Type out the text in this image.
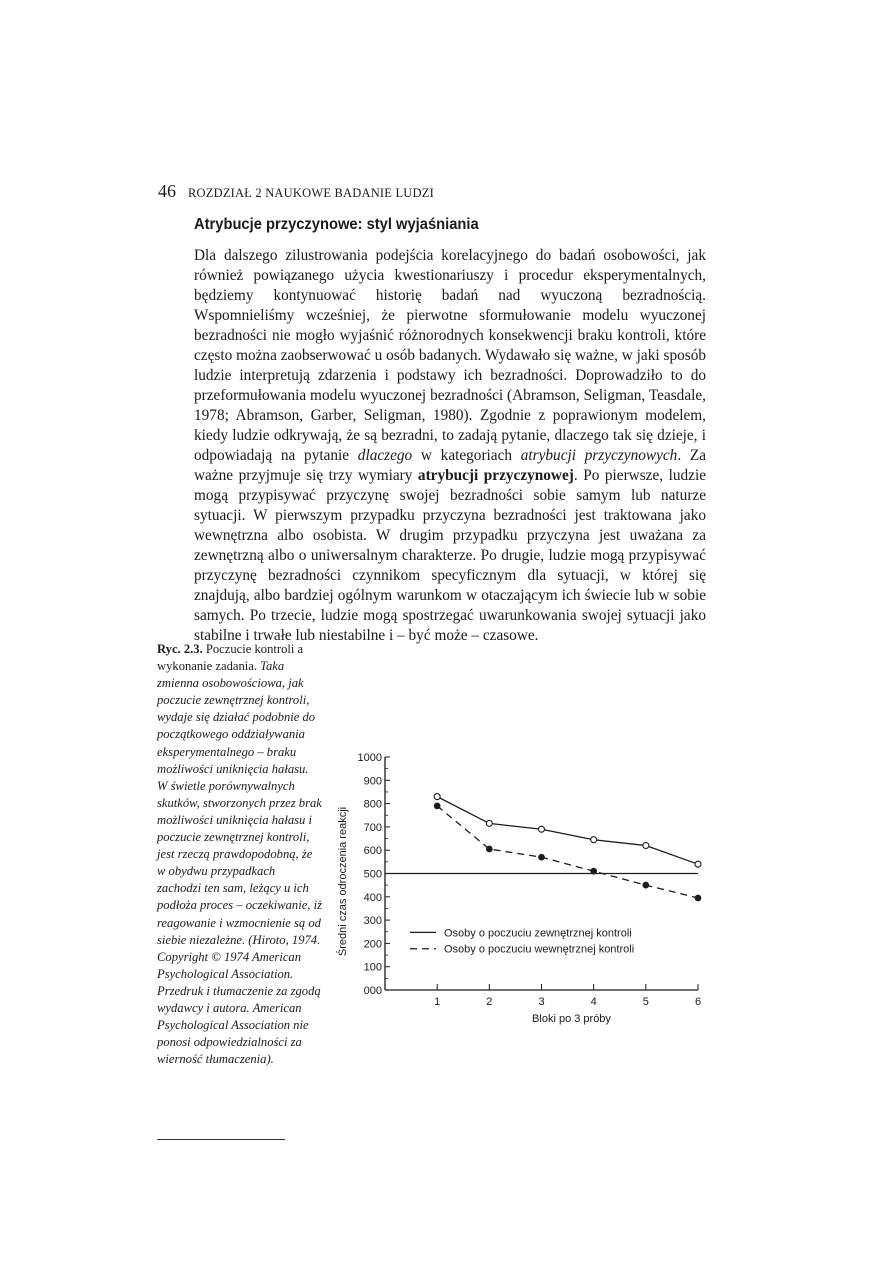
46 ROZDZIAŁ 2 NAUKOWE BADANIE LUDZI
Atrybucje przyczynowe: styl wyjaśniania

Dla dalszego zilustrowania podejścia korelacyjnego do badań osobowości, jak również powiązanego użycia kwestionariuszy i procedur eksperymentalnych, będziemy kontynuować historię badań nad wyuczoną bezradnością. Wspomnieliśmy wcześniej, że pierwotne sformułowanie modelu wyuczonej bezradności nie mogło wyjaśnić różnorodnych konsekwencji braku kontroli, które często można zaobserwować u osób badanych. Wydawało się ważne, w jaki sposób ludzie interpretują zdarzenia i podstawy ich bezradności. Doprowadziło to do przeformułowania modelu wyuczonej bezradności (Abramson, Seligman, Teasdale, 1978; Abramson, Garber, Seligman, 1980). Zgodnie z poprawionym modelem, kiedy ludzie odkrywają, że są bezradni, to zadają pytanie, dlaczego tak się dzieje, i odpowiadają na pytanie dlaczego w kategoriach atrybucji przyczynowych. Za ważne przyjmuje się trzy wymiary atrybucji przyczynowej. Po pierwsze, ludzie mogą przypisywać przyczynę swojej bezradności sobie samym lub naturze sytuacji. W pierwszym przypadku przyczyna bezradności jest traktowana jako wewnętrzna albo osobista. W drugim przypadku przyczyna jest uważana za zewnętrzną albo o uniwersalnym charakterze. Po drugie, ludzie mogą przypisywać przyczynę bezradności czynnikom specyficznym dla sytuacji, w której się znajdują, albo bardziej ogólnym warunkom w otaczającym ich świecie lub w sobie samych. Po trzecie, ludzie mogą spostrzegać uwarunkowania swojej sytuacji jako stabilne i trwałe lub niestabilne i – być może – czasowe.

Ryc. 2.3. Poczucie kontroli a wykonanie zadania. Taka zmienna osobowościowa, jak poczucie zewnętrznej kontroli, wydaje się działać podobnie do początkowego oddziaływania eksperymentalnego – braku możliwości uniknięcia hałasu. W świetle porównywalnych skutków, stworzonych przez brak możliwości uniknięcia hałasu i poczucie zewnętrznej kontroli, jest rzeczą prawdopodobną, że w obydwu przypadkach zachodzi ten sam, leżący u ich podłoża proces – oczekiwanie, iż reagowanie i wzmocnienie są od siebie niezależne. (Hiroto, 1974. Copyright © 1974 American Psychological Association. Przedruk i tłumaczenie za zgodą wydawcy i autora. American Psychological Association nie ponosi odpowiedzialności za wierność tłumaczenia).
000
100
200
300
400
500
600
700
800
900
1000
1	2	3	4	5	6
Bloki po 3 próby
Średni czas odroczenia reakcji	Osoby o poczuciu zewnętrznej kontroli
Osoby o poczuciu wewnętrznej kontroli
